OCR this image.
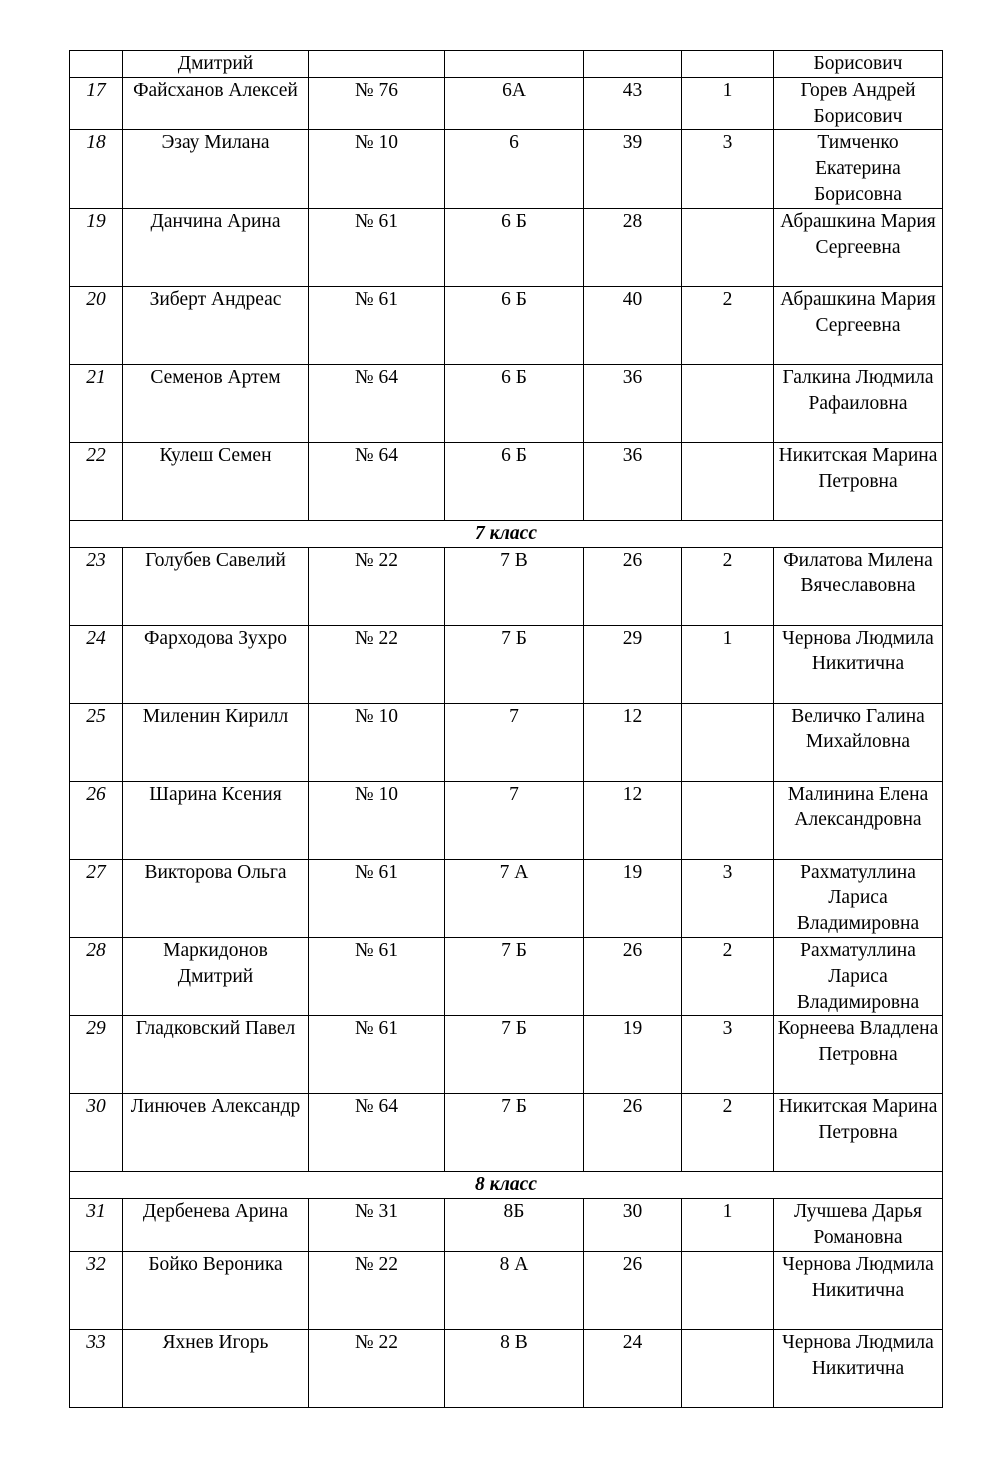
	Дмитрий					Борисович
17	Файсханов Алексей	№ 76	6А	43	1	Горев Андрей Борисович
18	Эзау Милана	№ 10	6	39	3	Тимченко Екатерина Борисовна
19	Данчина Арина	№ 61	6 Б	28		Абрашкина Мария Сергеевна
20	Зиберт Андреас	№ 61	6 Б	40	2	Абрашкина Мария Сергеевна
21	Семенов Артем	№ 64	6 Б	36		Галкина Людмила Рафаиловна
22	Кулеш Семен	№ 64	6 Б	36		Никитская Марина Петровна
7 класс						
23	Голубев Савелий	№ 22	7 В	26	2	Филатова Милена Вячеславовна
24	Фарходова Зухро	№ 22	7 Б	29	1	Чернова Людмила Никитична
25	Миленин Кирилл	№ 10	7	12		Величко Галина Михайловна
26	Шарина Ксения	№ 10	7	12		Малинина Елена Александровна
27	Викторова Ольга	№ 61	7 А	19	3	Рахматуллина Лариса Владимировна
28	Маркидонов Дмитрий	№ 61	7 Б	26	2	Рахматуллина Лариса Владимировна
29	Гладковский Павел	№ 61	7 Б	19	3	Корнеева Владлена Петровна
30	Линючев Александр	№ 64	7 Б	26	2	Никитская Марина Петровна
8 класс						
31	Дербенева Арина	№ 31	8Б	30	1	Лучшева Дарья Романовна
32	Бойко Вероника	№ 22	8 А	26		Чернова Людмила Никитична
33	Яхнев Игорь	№ 22	8 В	24		Чернова Людмила Никитична
